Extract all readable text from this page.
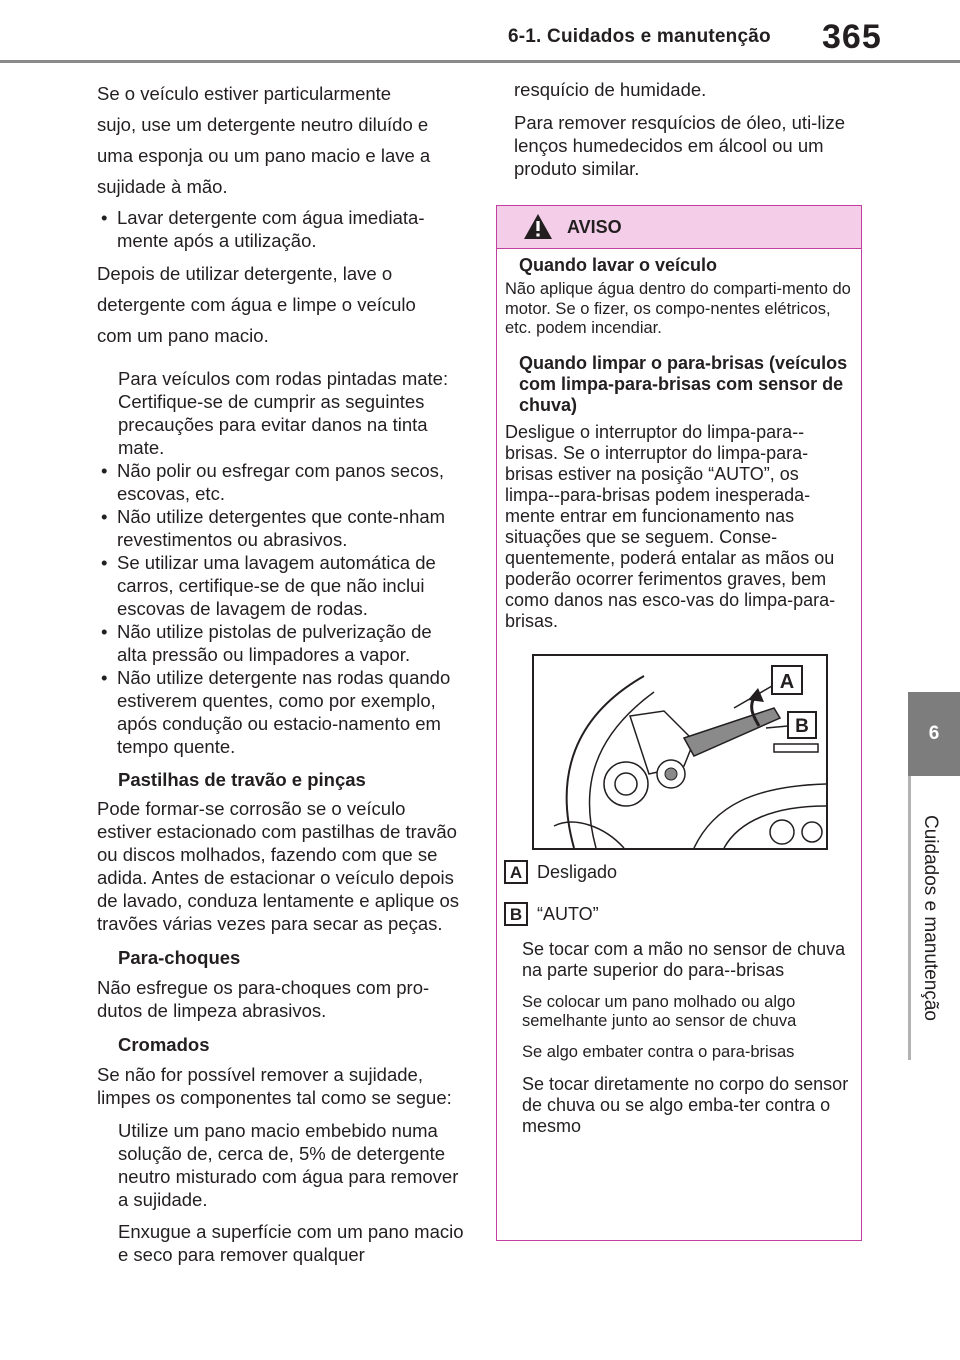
6-1. Cuidados e manutenção 365
6
Cuidados e manutenção

Se o veículo estiver particularmente

sujo, use um detergente neutro diluído e

uma esponja ou um pano macio e lave a

sujidade à mão.

• Lavar detergente com água imediata-mente após a utilização.

Depois de utilizar detergente, lave o

detergente com água e limpe o veículo

com um pano macio.

Para veículos com rodas pintadas mate: Certifique-se de cumprir as seguintes precauções para evitar danos na tinta mate.

• Não polir ou esfregar com panos secos, escovas, etc.

• Não utilize detergentes que conte-nham revestimentos ou abrasivos.

• Se utilizar uma lavagem automática de carros, certifique-se de que não inclui escovas de lavagem de rodas.

• Não utilize pistolas de pulverização de alta pressão ou limpadores a vapor.

• Não utilize detergente nas rodas quando estiverem quentes, como por exemplo, após condução ou estacio-namento em tempo quente.

Pastilhas de travão e pinças

Pode formar-se corrosão se o veículo estiver estacionado com pastilhas de travão ou discos molhados, fazendo com que se adida. Antes de estacionar o veículo depois de lavado, conduza lentamente e aplique os travões várias vezes para secar as peças.

Para-choques

Não esfregue os para-choques com pro-dutos de limpeza abrasivos.

Cromados

Se não for possível remover a sujidade, limpes os componentes tal como se segue:

Utilize um pano macio embebido numa solução de, cerca de, 5% de detergente neutro misturado com água para remover a sujidade.

Enxugue a superfície com um pano macio e seco para remover qualquer

resquício de humidade.

Para remover resquícios de óleo, uti-lize lenços humedecidos em álcool ou um produto similar.

AVISO

Quando lavar o veículo

Não aplique água dentro do comparti-mento do motor. Se o fizer, os compo-nentes elétricos, etc. podem incendiar.

Quando limpar o para-brisas (veículos com limpa-para-brisas com sensor de chuva)

Desligue o interruptor do limpa-para--brisas. Se o interruptor do limpa-para-brisas estiver na posição “AUTO”, os limpa--para-brisas podem inesperada-mente entrar em funcionamento nas situações que se seguem. Conse-quentemente, poderá entalar as mãos ou poderão ocorrer ferimentos graves, bem como danos nas esco-vas do limpa-para-brisas.

A
B
A Desligado
B “AUTO”

Se tocar com a mão no sensor de chuva na parte superior do para--brisas

Se colocar um pano molhado ou algo semelhante junto ao sensor de chuva

Se algo embater contra o para-brisas

Se tocar diretamente no corpo do sensor de chuva ou se algo emba-ter contra o mesmo
